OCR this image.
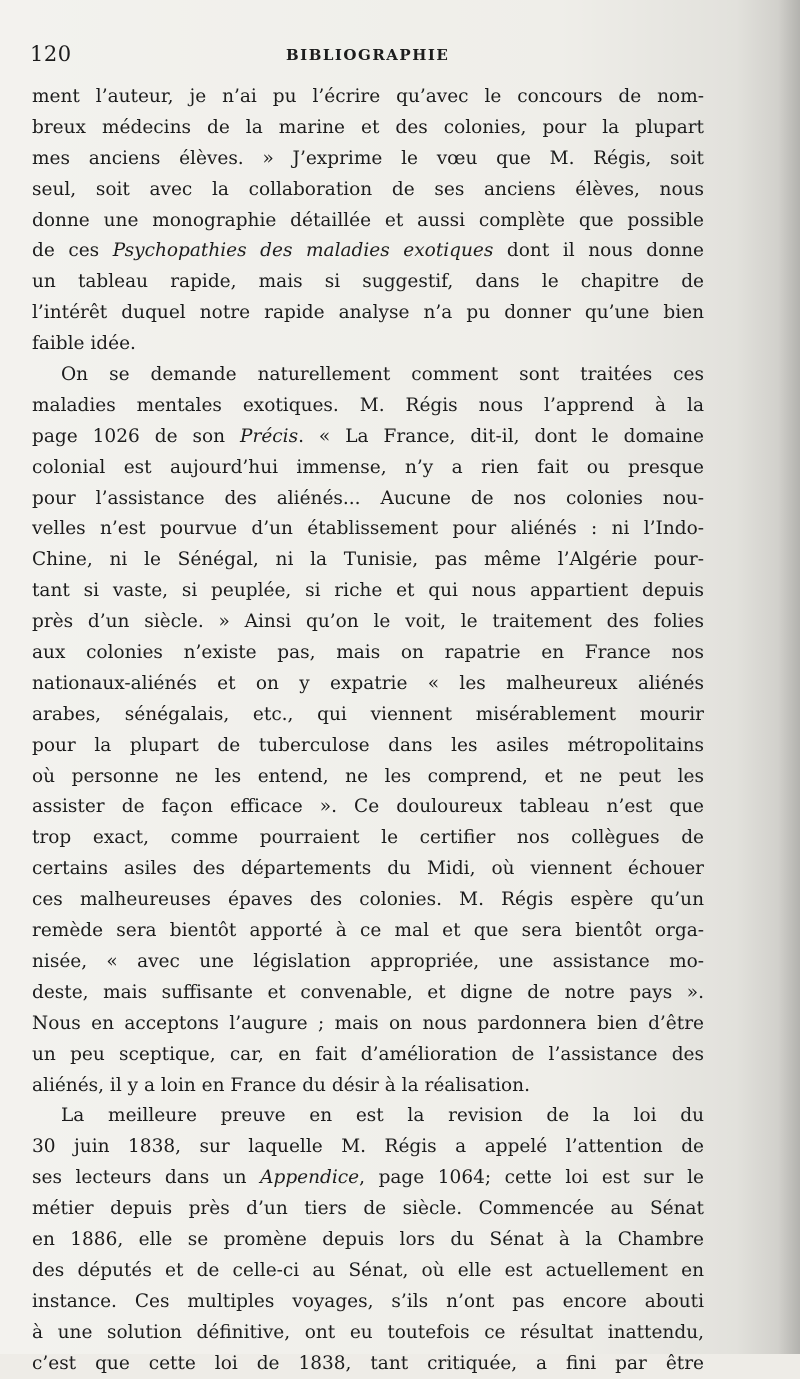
120	BIBLIOGRAPHIE
ment l’auteur, je n’ai pu l’écrire qu’avec le concours de nom-
breux médecins de la marine et des colonies, pour la plupart
mes anciens élèves. » J’exprime le vœu que M. Régis, soit
seul, soit avec la collaboration de ses anciens élèves, nous
donne une monographie détaillée et aussi complète que possible
de ces Psychopathies des maladies exotiques dont il nous donne
un tableau rapide, mais si suggestif, dans le chapitre de
l’intérêt duquel notre rapide analyse n’a pu donner qu’une bien
faible idée.
On se demande naturellement comment sont traitées ces
maladies mentales exotiques. M. Régis nous l’apprend à la
page 1026 de son Précis. « La France, dit-il, dont le domaine
colonial est aujourd’hui immense, n’y a rien fait ou presque
pour l’assistance des aliénés... Aucune de nos colonies nou-
velles n’est pourvue d’un établissement pour aliénés : ni l’Indo-
Chine, ni le Sénégal, ni la Tunisie, pas même l’Algérie pour-
tant si vaste, si peuplée, si riche et qui nous appartient depuis
près d’un siècle. » Ainsi qu’on le voit, le traitement des folies
aux colonies n’existe pas, mais on rapatrie en France nos
nationaux-aliénés et on y expatrie « les malheureux aliénés
arabes, sénégalais, etc., qui viennent misérablement mourir
pour la plupart de tuberculose dans les asiles métropolitains
où personne ne les entend, ne les comprend, et ne peut les
assister de façon efficace ». Ce douloureux tableau n’est que
trop exact, comme pourraient le certifier nos collègues de
certains asiles des départements du Midi, où viennent échouer
ces malheureuses épaves des colonies. M. Régis espère qu’un
remède sera bientôt apporté à ce mal et que sera bientôt orga-
nisée, « avec une législation appropriée, une assistance mo-
deste, mais suffisante et convenable, et digne de notre pays ».
Nous en acceptons l’augure ; mais on nous pardonnera bien d’être
un peu sceptique, car, en fait d’amélioration de l’assistance des
aliénés, il y a loin en France du désir à la réalisation.
La meilleure preuve en est la revision de la loi du
30 juin 1838, sur laquelle M. Régis a appelé l’attention de
ses lecteurs dans un Appendice, page 1064; cette loi est sur le
métier depuis près d’un tiers de siècle. Commencée au Sénat
en 1886, elle se promène depuis lors du Sénat à la Chambre
des députés et de celle-ci au Sénat, où elle est actuellement en
instance. Ces multiples voyages, s’ils n’ont pas encore abouti
à une solution définitive, ont eu toutefois ce résultat inattendu,
c’est que cette loi de 1838, tant critiquée, a fini par être
